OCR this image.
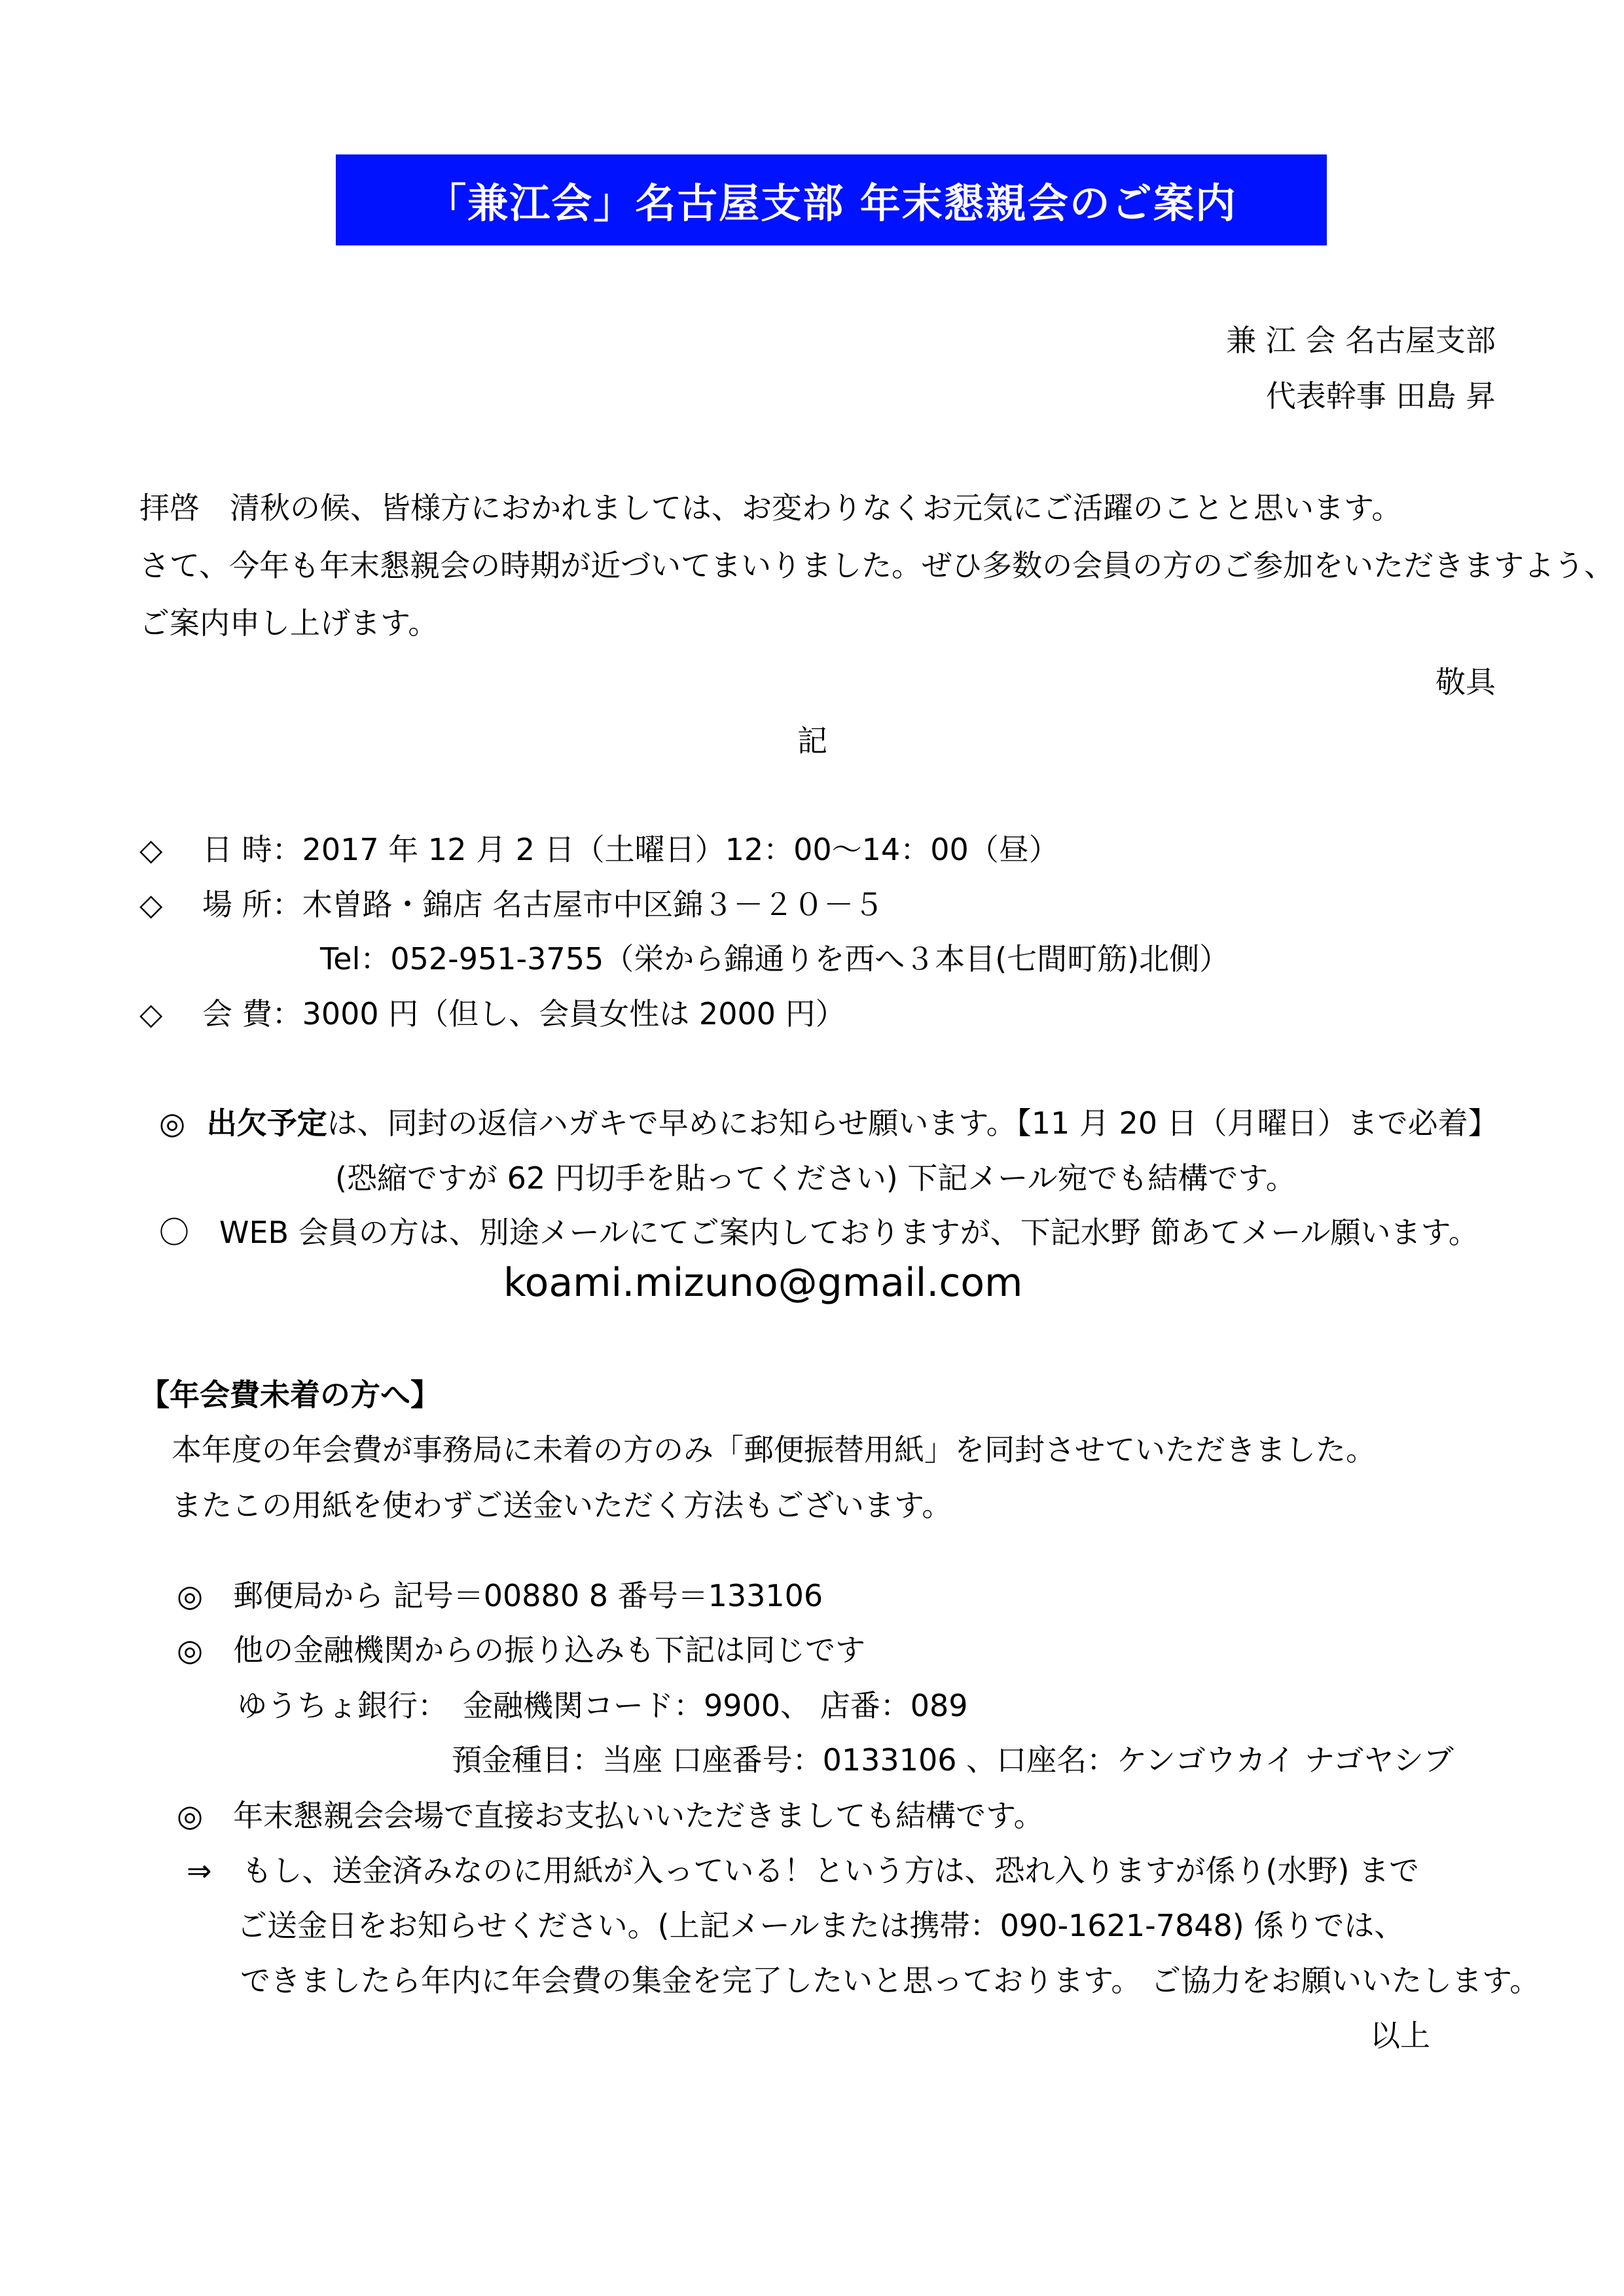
「兼江会」名古屋支部 年末懇親会のご案内
兼 江 会 名古屋支部
代表幹事 田島 昇
拝啓　清秋の候、皆様方におかれましては、お変わりなくお元気にご活躍のことと思います。
さて、今年も年末懇親会の時期が近づいてまいりました。ぜひ多数の会員の方のご参加をいただきますよう、
ご案内申し上げます。
敬具
記
◇　 日 時：2017 年 12 月 2 日（土曜日）12：00～14：00（昼）
◇　 場 所：木曽路・錦店 名古屋市中区錦３－２０－５
Tel：052-951-3755（栄から錦通りを西へ３本目(七間町筋)北側）
◇　 会 費：3000 円（但し、会員女性は 2000 円）
◎ 出欠予定は、同封の返信ハガキで早めにお知らせ願います。【11 月 20 日（月曜日）まで必着】
(恐縮ですが 62 円切手を貼ってください) 下記メール宛でも結構です。
〇　WEB 会員の方は、別途メールにてご案内しておりますが、下記水野 節あてメール願います。
koami.mizuno@gmail.com
【年会費未着の方へ】
本年度の年会費が事務局に未着の方のみ「郵便振替用紙」を同封させていただきました。
またこの用紙を使わずご送金いただく方法もございます。
◎　郵便局から 記号＝00880 8 番号＝133106
◎　他の金融機関からの振り込みも下記は同じです
ゆうちょ銀行：　金融機関コード：9900、 店番：089
預金種目：当座 口座番号：0133106 、口座名：ケンゴウカイ ナゴヤシブ
◎　年末懇親会会場で直接お支払いいただきましても結構です。
⇒　もし、送金済みなのに用紙が入っている！という方は、恐れ入りますが係り(水野) まで
ご送金日をお知らせください。(上記メールまたは携帯：090-1621-7848) 係りでは、
できましたら年内に年会費の集金を完了したいと思っております。 ご協力をお願いいたします。
以上
